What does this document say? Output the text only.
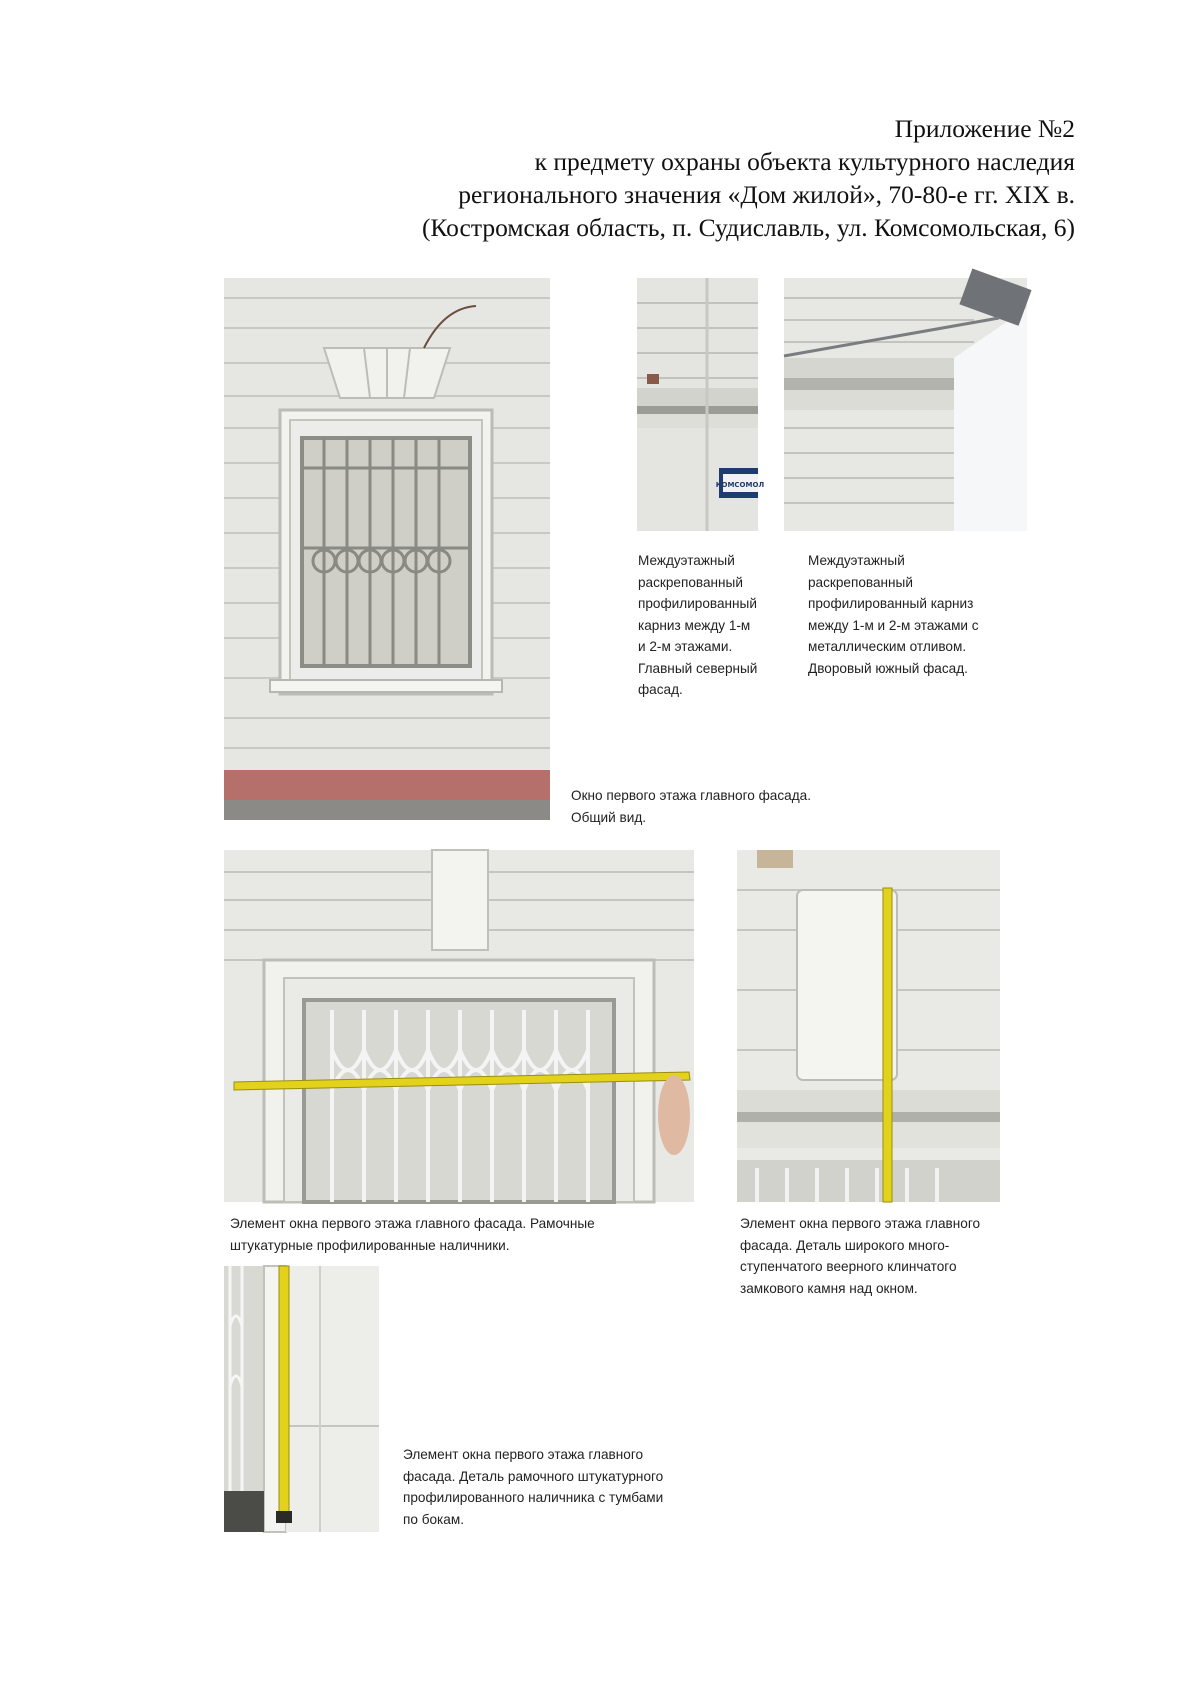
Приложение №2
к предмету охраны объекта культурного наследия
регионального значения «Дом жилой», 70-80-е гг. XIX в.
(Костромская область, п. Судиславль, ул. Комсомольская, 6)
КОМСОМОЛ
Междуэтажный
раскрепованный
профилированный
карниз между 1-м
и 2-м этажами.
Главный северный
фасад.
Междуэтажный
раскрепованный
профилированный карниз
между 1-м и 2-м этажами с
металлическим отливом.
Дворовый южный фасад.
Окно первого этажа главного фасада.
Общий вид.
Элемент окна первого этажа главного фасада. Рамочные
штукатурные профилированные наличники.
Элемент окна первого этажа главного
фасада. Деталь широкого много-
ступенчатого веерного клинчатого
замкового камня над окном.
Элемент окна первого этажа главного
фасада. Деталь рамочного штукатурного
профилированного наличника с тумбами
по бокам.
